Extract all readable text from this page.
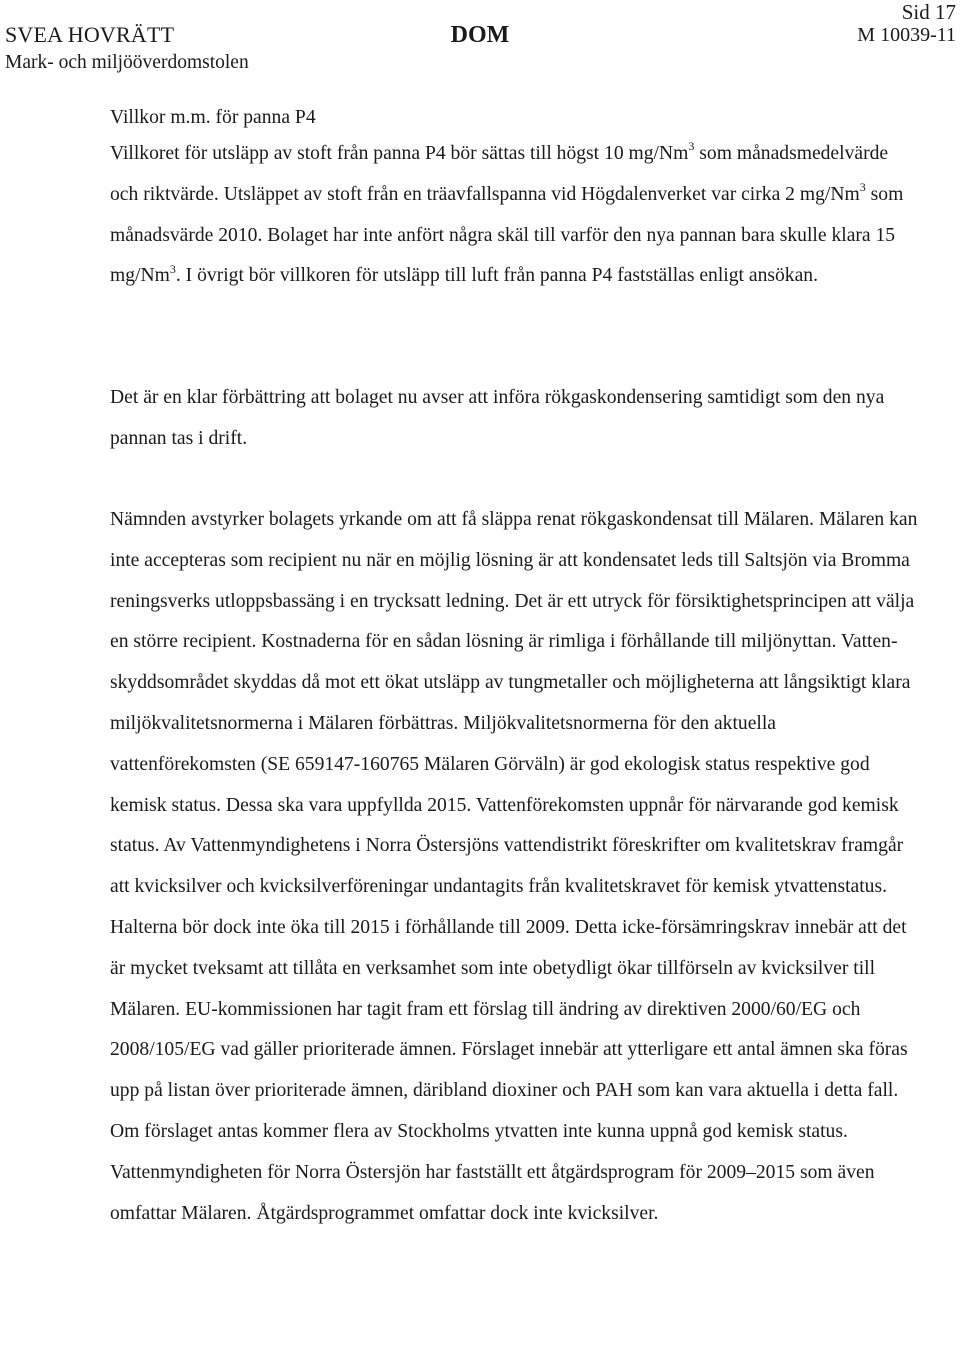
SVEA HOVRÄTT
Mark- och miljööverdomstolen
DOM
Sid 17
M 10039-11

Villkor m.m. för panna P4

Villkoret för utsläpp av stoft från panna P4 bör sättas till högst 10 mg/Nm$^3$ som månadsmedelvärde och riktvärde. Utsläppet av stoft från en träavfallspanna vid Högdalenverket var cirka 2 mg/Nm$^3$ som månadsvärde 2010. Bolaget har inte anfört några skäl till varför den nya pannan bara skulle klara 15 mg/Nm$^3$. I övrigt bör villkoren för utsläpp till luft från panna P4 fastställas enligt ansökan.

Det är en klar förbättring att bolaget nu avser att införa rökgaskondensering samtidigt som den nya pannan tas i drift.

Nämnden avstyrker bolagets yrkande om att få släppa renat rökgaskondensat till Mälaren. Mälaren kan inte accepteras som recipient nu när en möjlig lösning är att kondensatet leds till Saltsjön via Bromma reningsverks utloppsbassäng i en trycksatt ledning. Det är ett utryck för försiktighetsprincipen att välja en större recipient. Kostnaderna för en sådan lösning är rimliga i förhållande till miljönyttan. Vattenskyddsområdet skyddas då mot ett ökat utsläpp av tungmetaller och möjligheterna att långsiktigt klara miljökvalitetsnormerna i Mälaren förbättras. Miljökvalitetsnormerna för den aktuella vattenförekomsten (SE 659147-160765 Mälaren Görväln) är god ekologisk status respektive god kemisk status. Dessa ska vara uppfyllda 2015. Vattenförekomsten uppnår för närvarande god kemisk status. Av Vattenmyndighetens i Norra Östersjöns vattendistrikt föreskrifter om kvalitetskrav framgår att kvicksilver och kvicksilverföreningar undantagits från kvalitetskravet för kemisk ytvattenstatus. Halterna bör dock inte öka till 2015 i förhållande till 2009. Detta icke-försämringskrav innebär att det är mycket tveksamt att tillåta en verksamhet som inte obetydligt ökar tillförseln av kvicksilver till Mälaren. EU-kommissionen har tagit fram ett förslag till ändring av direktiven 2000/60/EG och 2008/105/EG vad gäller prioriterade ämnen. Förslaget innebär att ytterligare ett antal ämnen ska föras upp på listan över prioriterade ämnen, däribland dioxiner och PAH som kan vara aktuella i detta fall. Om förslaget antas kommer flera av Stockholms ytvatten inte kunna uppnå god kemisk status. Vattenmyndigheten för Norra Östersjön har fastställt ett åtgärdsprogram för 2009–2015 som även omfattar Mälaren. Åtgärdsprogrammet omfattar dock inte kvicksilver.
